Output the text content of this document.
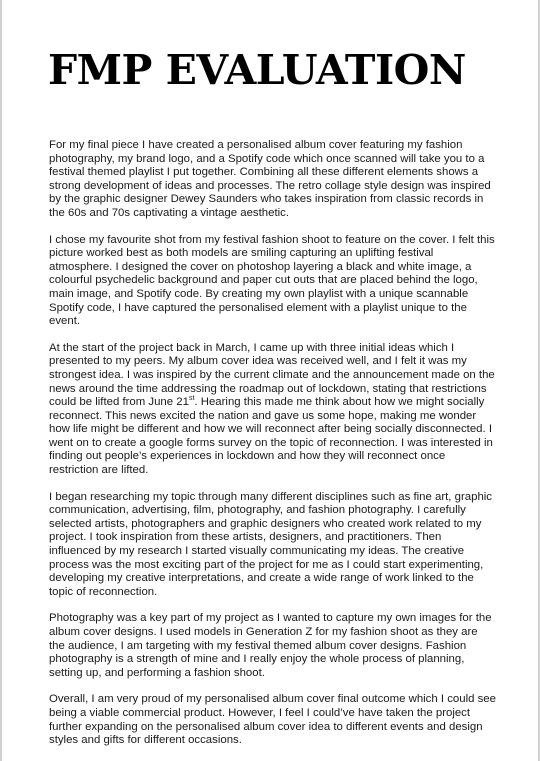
FMP EVALUATION

For my final piece I have created a personalised album cover featuring my fashion photography, my brand logo, and a Spotify code which once scanned will take you to a festival themed playlist I put together. Combining all these different elements shows a strong development of ideas and processes. The retro collage style design was inspired by the graphic designer Dewey Saunders who takes inspiration from classic records in the 60s and 70s captivating a vintage aesthetic.

I chose my favourite shot from my festival fashion shoot to feature on the cover. I felt this picture worked best as both models are smiling capturing an uplifting festival atmosphere. I designed the cover on photoshop layering a black and white image, a colourful psychedelic background and paper cut outs that are placed behind the logo, main image, and Spotify code. By creating my own playlist with a unique scannable Spotify code, I have captured the personalised element with a playlist unique to the event.

At the start of the project back in March, I came up with three initial ideas which I presented to my peers. My album cover idea was received well, and I felt it was my strongest idea. I was inspired by the current climate and the announcement made on the news around the time addressing the roadmap out of lockdown, stating that restrictions could be lifted from June 21st. Hearing this made me think about how we might socially reconnect. This news excited the nation and gave us some hope, making me wonder how life might be different and how we will reconnect after being socially disconnected. I went on to create a google forms survey on the topic of reconnection. I was interested in finding out people’s experiences in lockdown and how they will reconnect once restriction are lifted.

I began researching my topic through many different disciplines such as fine art, graphic communication, advertising, film, photography, and fashion photography. I carefully selected artists, photographers and graphic designers who created work related to my project. I took inspiration from these artists, designers, and practitioners. Then influenced by my research I started visually communicating my ideas. The creative process was the most exciting part of the project for me as I could start experimenting, developing my creative interpretations, and create a wide range of work linked to the topic of reconnection.

Photography was a key part of my project as I wanted to capture my own images for the album cover designs. I used models in Generation Z for my fashion shoot as they are the audience, I am targeting with my festival themed album cover designs. Fashion photography is a strength of mine and I really enjoy the whole process of planning, setting up, and performing a fashion shoot.

Overall, I am very proud of my personalised album cover final outcome which I could see being a viable commercial product. However, I feel I could’ve have taken the project further expanding on the personalised album cover idea to different events and design styles and gifts for different occasions.
